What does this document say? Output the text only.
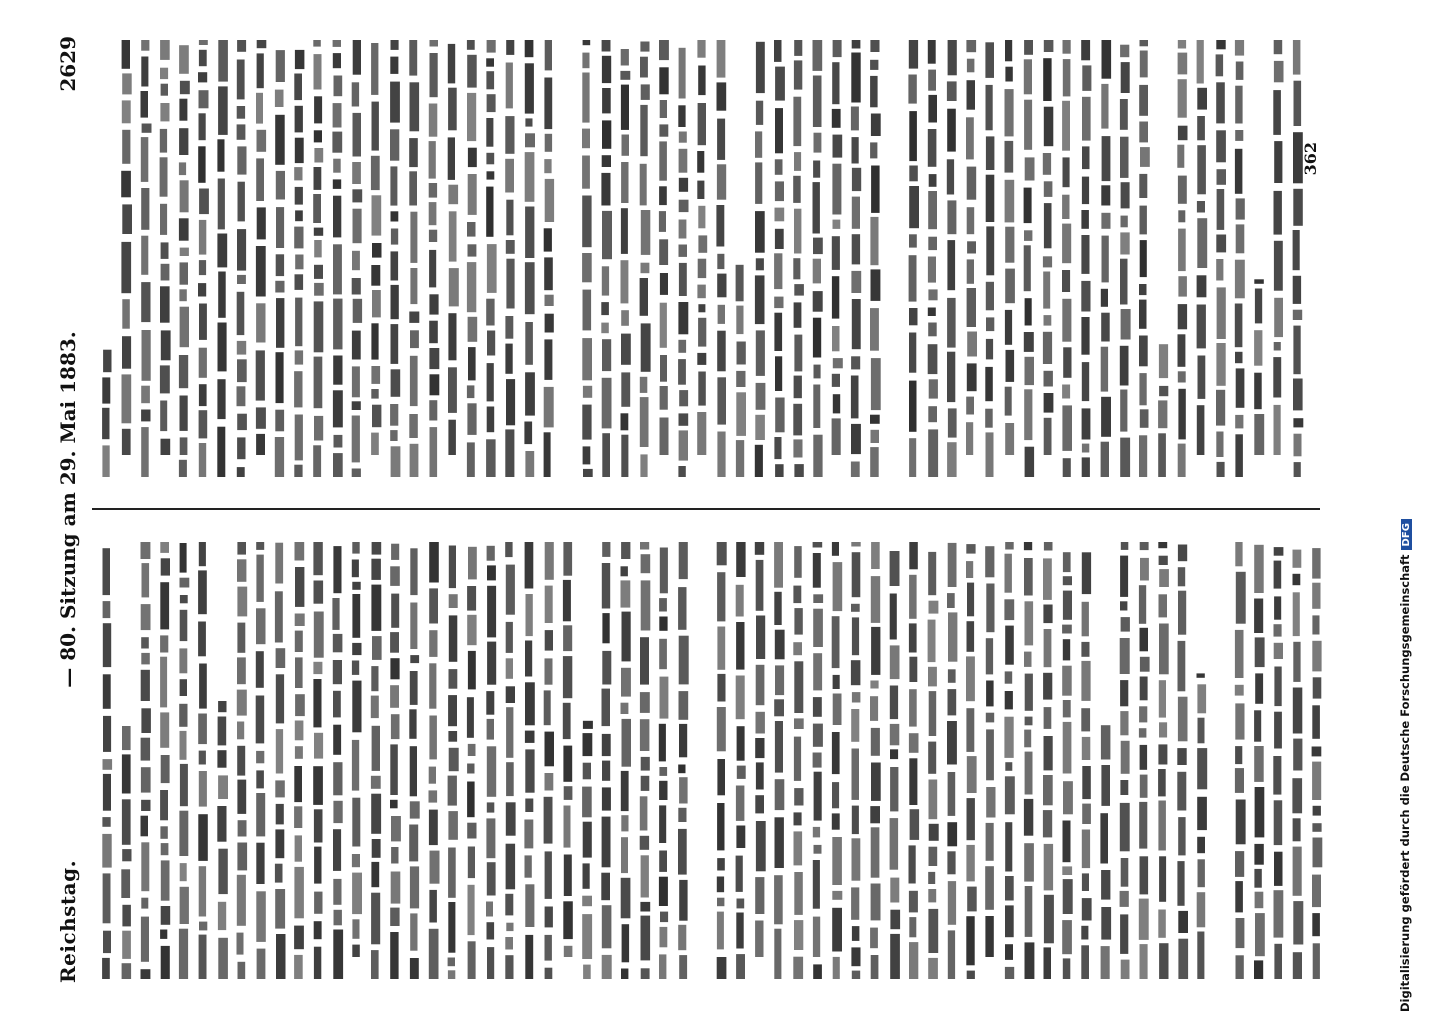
Reichstag.
— 80. Sitzung am 29. Mai 1883.
2629
362
Digitalisierung gefördert durch die Deutsche ForschungsgemeinschaftDFG
